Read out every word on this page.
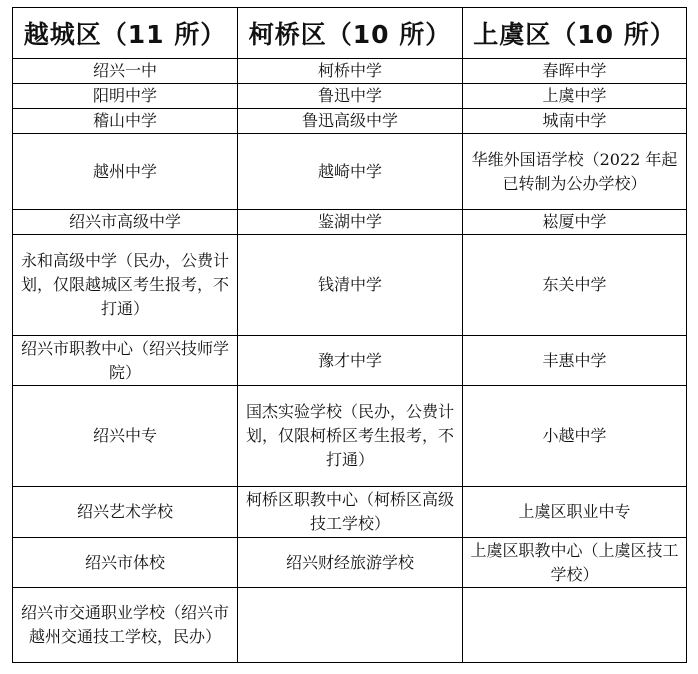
越城区（11 所）	柯桥区（10 所）	上虞区（10 所）
绍兴一中	柯桥中学	春晖中学
阳明中学	鲁迅中学	上虞中学
稽山中学	鲁迅高级中学	城南中学
越州中学	越崎中学	华维外国语学校（2022 年起已转制为公办学校）
绍兴市高级中学	鉴湖中学	崧厦中学
永和高级中学（民办，公费计划，仅限越城区考生报考，不打通）	钱清中学	东关中学
绍兴市职教中心（绍兴技师学院）	豫才中学	丰惠中学
绍兴中专	国杰实验学校（民办，公费计划，仅限柯桥区考生报考，不打通）	小越中学
绍兴艺术学校	柯桥区职教中心（柯桥区高级技工学校）	上虞区职业中专
绍兴市体校	绍兴财经旅游学校	上虞区职教中心（上虞区技工学校）
绍兴市交通职业学校（绍兴市越州交通技工学校，民办）		
